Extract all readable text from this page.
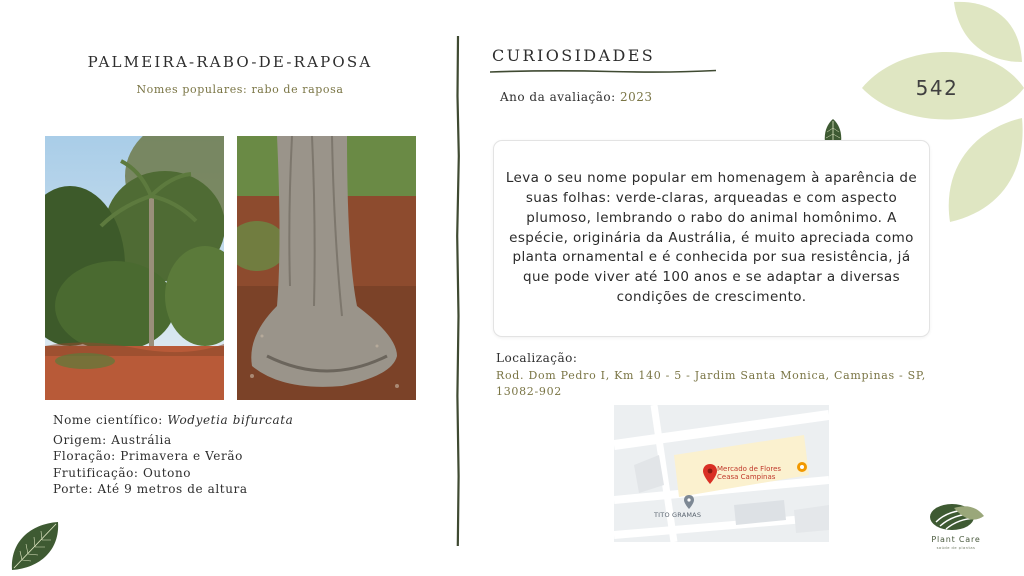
PALMEIRA-RABO-DE-RAPOSA
Nomes populares: rabo de raposa
Nome científico: Wodyetia bifurcata
Origem: Austrália
Floração: Primavera e Verão
Frutificação: Outono
Porte: Até 9 metros de altura
CURIOSIDADES
Ano da avaliação: 2023
Leva o seu nome popular em homenagem à aparência de suas folhas: verde-claras, arqueadas e com aspecto plumoso, lembrando o rabo do animal homônimo. A espécie, originária da Austrália, é muito apreciada como planta ornamental e é conhecida por sua resistência, já que pode viver até 100 anos e se adaptar a diversas condições de crescimento.
Localização:
Rod. Dom Pedro I, Km 140 - 5 - Jardim Santa Monica, Campinas - SP, 13082-902
Mercado de Flores
Ceasa Campinas
TITO GRAMAS
542
Plant Care
saúde de plantas
